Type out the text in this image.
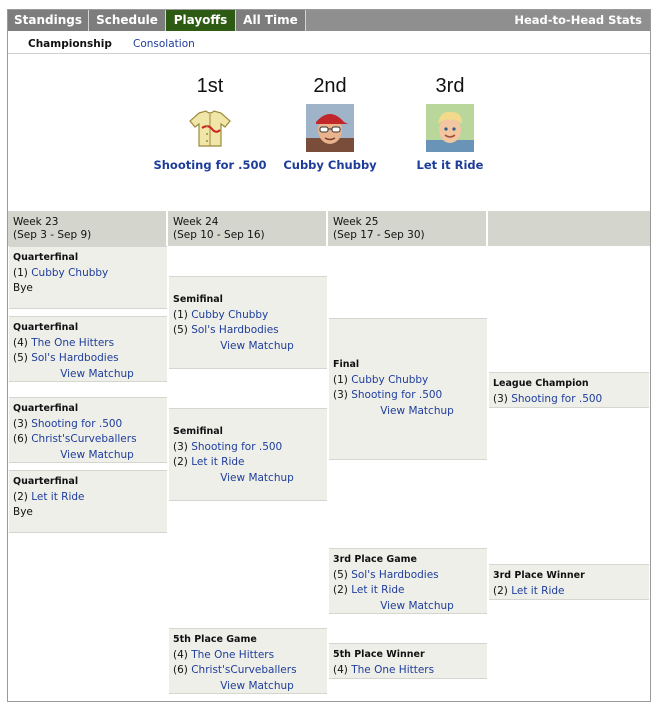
Standings	Schedule	Playoffs	All Time	Head-to-Head Stats
Championship Consolation
1st
Shooting for .500
2nd
Cubby Chubby
3rd
Let it Ride
Week 23
(Sep 3 - Sep 9)
Week 24
(Sep 10 - Sep 16)
Week 25
(Sep 17 - Sep 30)
Quarterfinal
(1) Cubby Chubby
Bye
Quarterfinal
(4) The One Hitters
(5) Sol's Hardbodies
View Matchup
Quarterfinal
(3) Shooting for .500
(6) Christ'sCurveballers
View Matchup
Quarterfinal
(2) Let it Ride
Bye
Semifinal
(1) Cubby Chubby
(5) Sol's Hardbodies
View Matchup
Semifinal
(3) Shooting for .500
(2) Let it Ride
View Matchup
5th Place Game
(4) The One Hitters
(6) Christ'sCurveballers
View Matchup
Final
(1) Cubby Chubby
(3) Shooting for .500
View Matchup
3rd Place Game
(5) Sol's Hardbodies
(2) Let it Ride
View Matchup
5th Place Winner
(4) The One Hitters
League Champion
(3) Shooting for .500
3rd Place Winner
(2) Let it Ride
